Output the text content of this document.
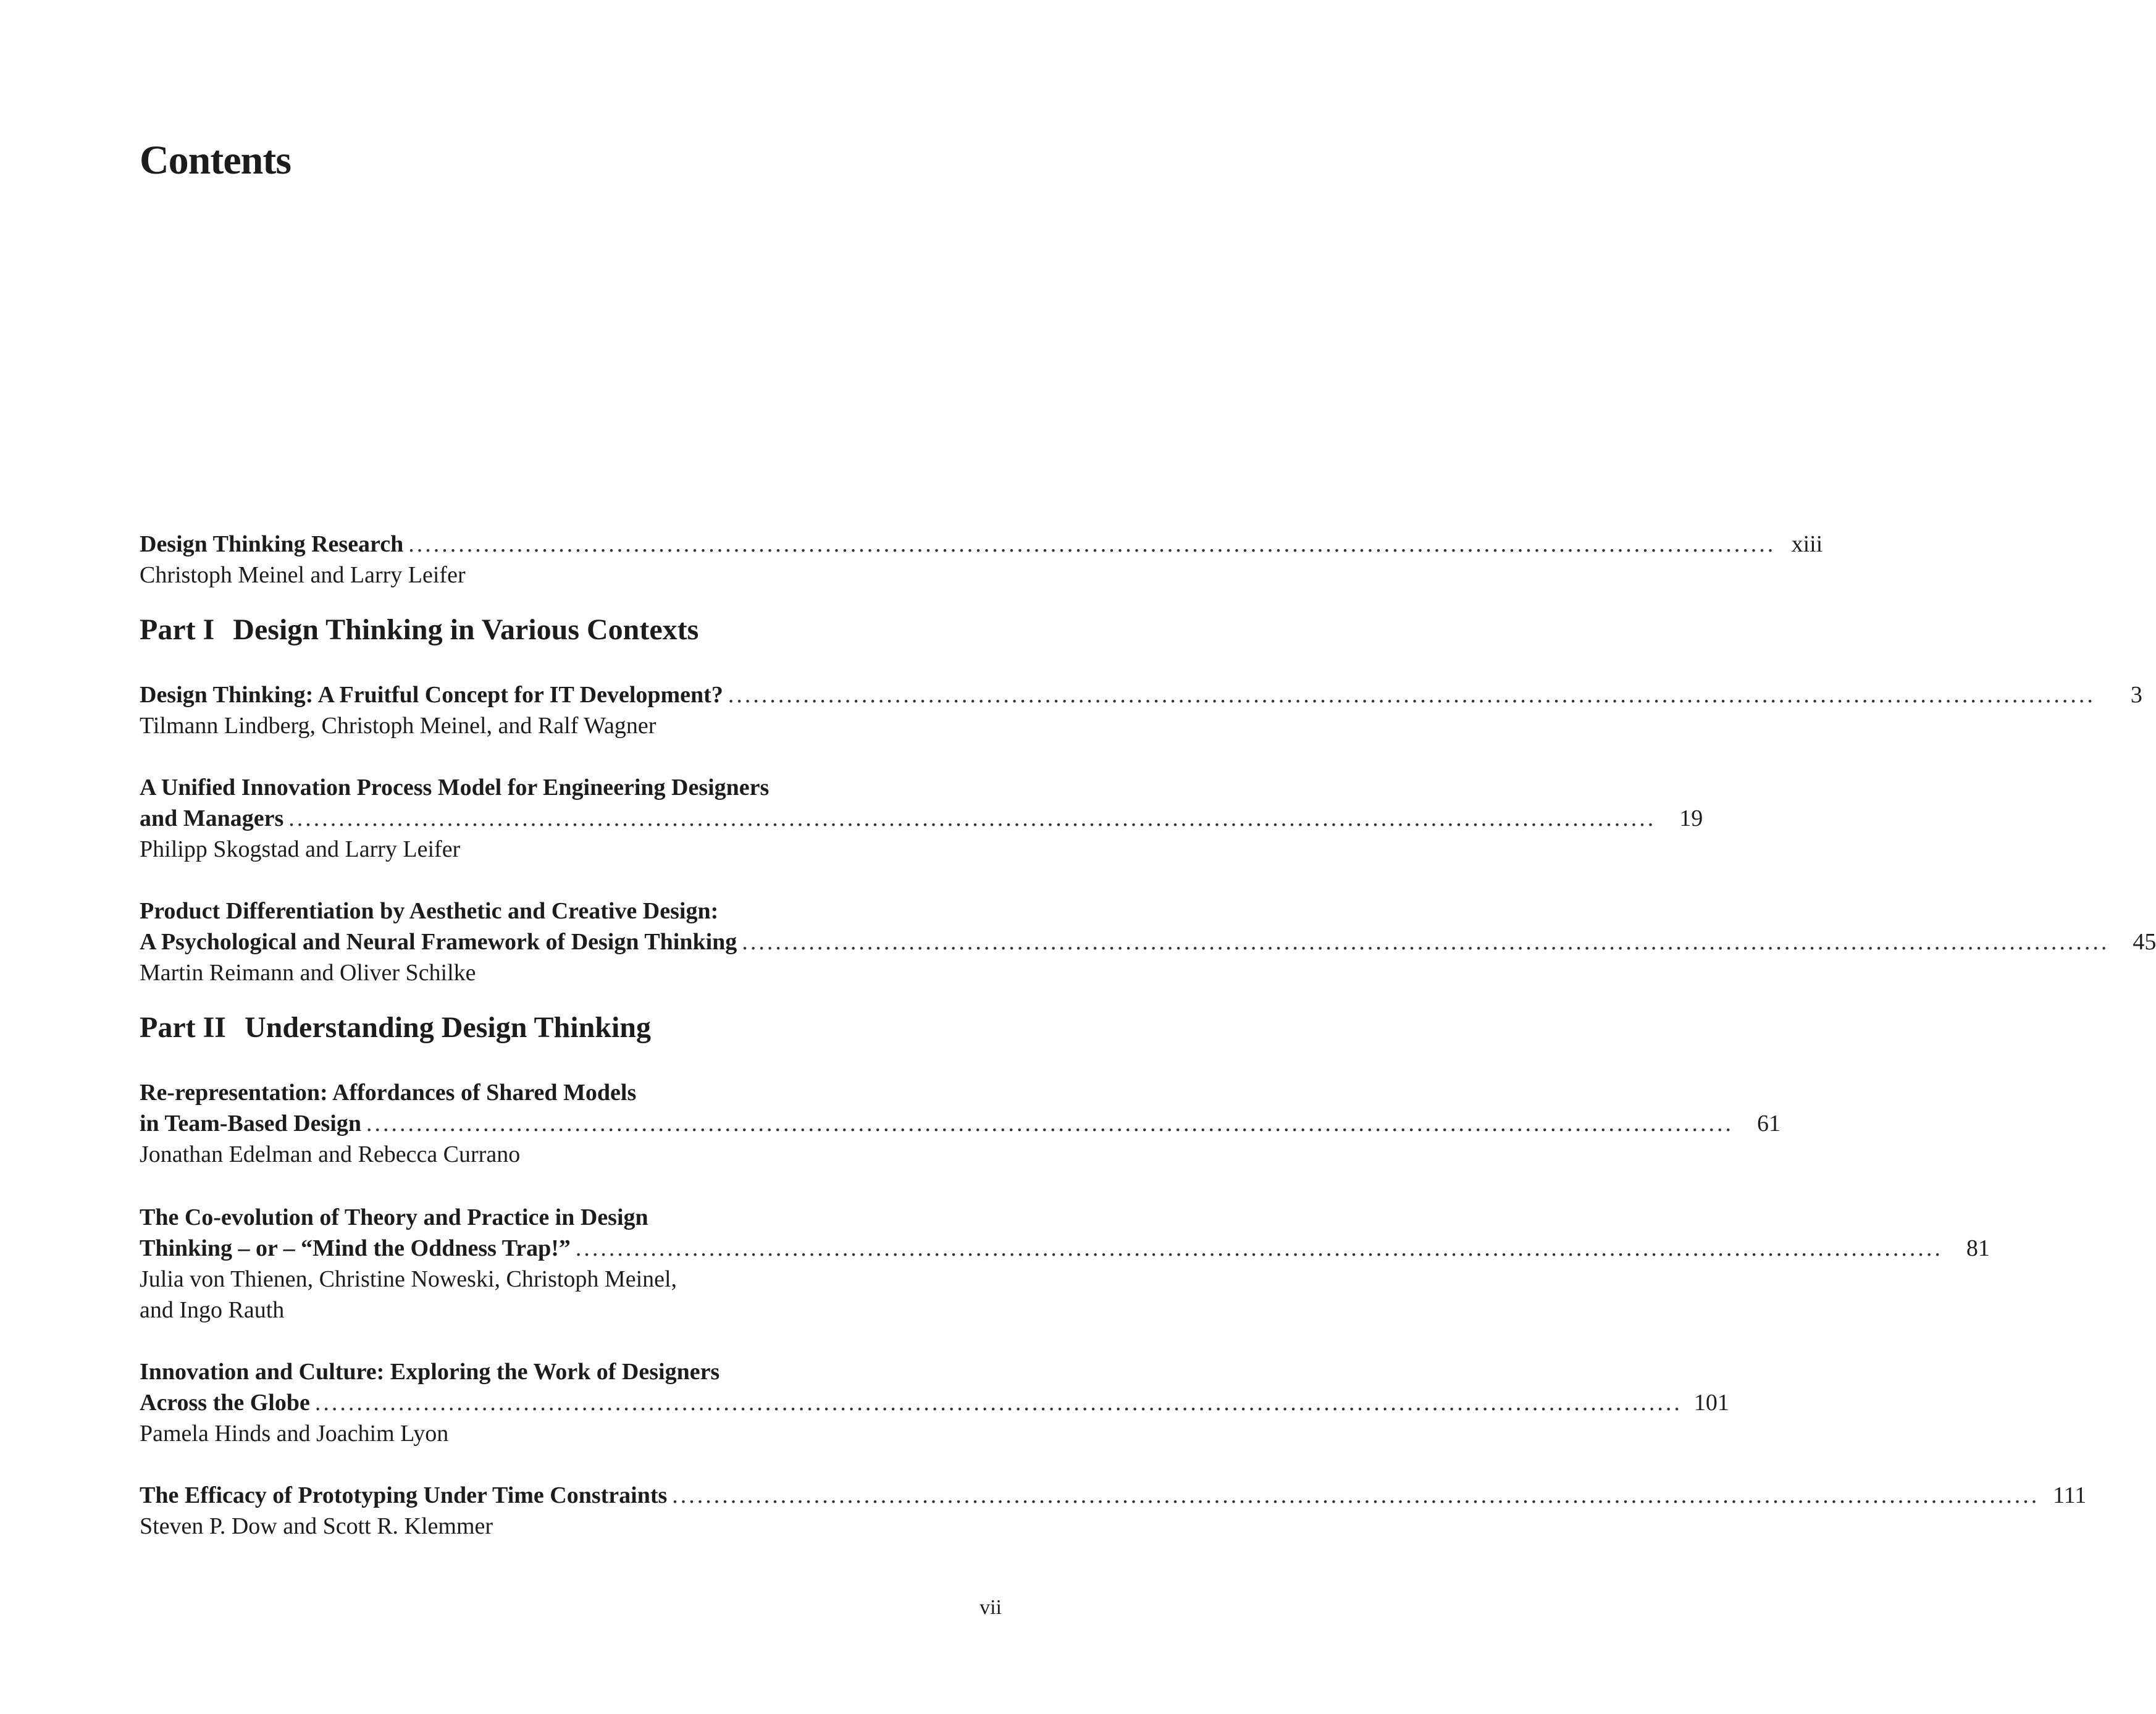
Contents
Design Thinking Research .................................................................................................................................................................... xiii
Christoph Meinel and Larry Leifer
Part I Design Thinking in Various Contexts
Design Thinking: A Fruitful Concept for IT Development? ....................................................................................................................................................................	3
Tilmann Lindberg, Christoph Meinel, and Ralf Wagner
A Unified Innovation Process Model for Engineering Designers
and Managers ....................................................................................................................................................................	19
Philipp Skogstad and Larry Leifer
Product Differentiation by Aesthetic and Creative Design:
A Psychological and Neural Framework of Design Thinking ....................................................................................................................................................................	45
Martin Reimann and Oliver Schilke
Part II Understanding Design Thinking
Re-representation: Affordances of Shared Models
in Team-Based Design ....................................................................................................................................................................	61
Jonathan Edelman and Rebecca Currano
The Co-evolution of Theory and Practice in Design
Thinking – or – “Mind the Oddness Trap!” ....................................................................................................................................................................	81
Julia von Thienen, Christine Noweski, Christoph Meinel,
and Ingo Rauth
Innovation and Culture: Exploring the Work of Designers
Across the Globe .................................................................................................................................................................... 101
Pamela Hinds and Joachim Lyon
The Efficacy of Prototyping Under Time Constraints .................................................................................................................................................................... 111
Steven P. Dow and Scott R. Klemmer
vii
